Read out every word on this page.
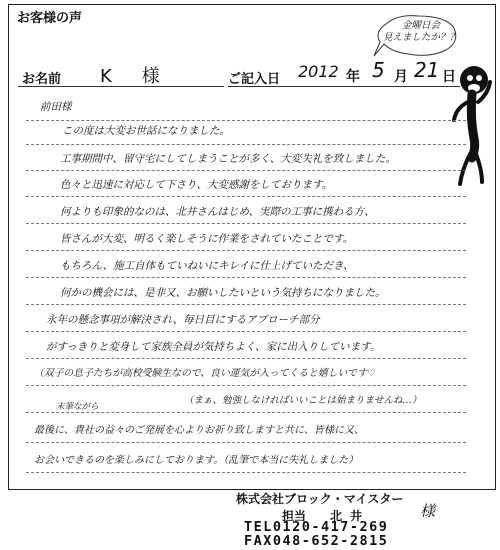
お客様の声
お名前 K　様	ご記入日 2012 年 5 月 21 日
金曜日会
見えましたか？？
前田様
この度は大変お世話になりました。
工事期間中、留守宅にしてしまうことが多く、大変失礼を致しました。
色々と迅速に対応して下さり、大変感謝をしております。
何よりも印象的なのは、北井さんはじめ、実際の工事に携わる方、
皆さんが大変、明るく楽しそうに作業をされていたことです。
もちろん、施工自体もていねいにキレイに仕上げていただき、
何かの機会には、是非又、お願いしたいという気持ちになりました。
永年の懸念事項が解決され、毎日目にするアプローチ部分
がすっきりと変身して家族全員が気持ちよく、家に出入りしています。
（双子の息子たちが高校受験生なので、良い運気が入ってくると嬉しいです♡
（まぁ、勉強しなければいいことは始まりませんね…）
末筆ながら
最後に、貴社の益々のご発展を心よりお祈り致しますと共に、皆様に又、
お会いできるのを楽しみにしております。（乱筆で本当に失礼しました）
株式会社ブロック・マイスター
担当 北井	様
TEL0120-417-269
FAX048-652-2815
